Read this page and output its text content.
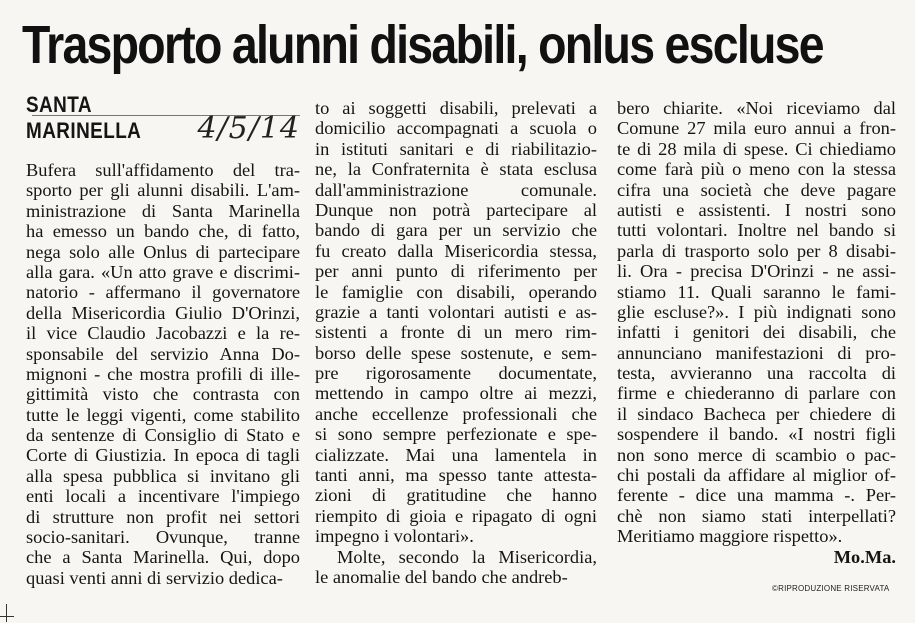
Trasporto alunni disabili, onlus escluse
SANTA MARINELLA	4/5/14
Bufera sull'affidamento del tra-
sporto per gli alunni disabili. L'am-
ministrazione di Santa Marinella
ha emesso un bando che, di fatto,
nega solo alle Onlus di partecipare
alla gara. «Un atto grave e discrimi-
natorio - affermano il governatore
della Misericordia Giulio D'Orinzi,
il vice Claudio Jacobazzi e la re-
sponsabile del servizio Anna Do-
mignoni - che mostra profili di ille-
gittimità visto che contrasta con
tutte le leggi vigenti, come stabilito
da sentenze di Consiglio di Stato e
Corte di Giustizia. In epoca di tagli
alla spesa pubblica si invitano gli
enti locali a incentivare l'impiego
di strutture non profit nei settori
socio-sanitari. Ovunque, tranne
che a Santa Marinella. Qui, dopo
quasi venti anni di servizio dedica-
to ai soggetti disabili, prelevati a
domicilio accompagnati a scuola o
in istituti sanitari e di riabilitazio-
ne, la Confraternita è stata esclusa
dall'amministrazione comunale.
Dunque non potrà partecipare al
bando di gara per un servizio che
fu creato dalla Misericordia stessa,
per anni punto di riferimento per
le famiglie con disabili, operando
grazie a tanti volontari autisti e as-
sistenti a fronte di un mero rim-
borso delle spese sostenute, e sem-
pre rigorosamente documentate,
mettendo in campo oltre ai mezzi,
anche eccellenze professionali che
si sono sempre perfezionate e spe-
cializzate. Mai una lamentela in
tanti anni, ma spesso tante attesta-
zioni di gratitudine che hanno
riempito di gioia e ripagato di ogni
impegno i volontari».
Molte, secondo la Misericordia,
le anomalie del bando che andreb-
bero chiarite. «Noi riceviamo dal
Comune 27 mila euro annui a fron-
te di 28 mila di spese. Ci chiediamo
come farà più o meno con la stessa
cifra una società che deve pagare
autisti e assistenti. I nostri sono
tutti volontari. Inoltre nel bando si
parla di trasporto solo per 8 disabi-
li. Ora - precisa D'Orinzi - ne assi-
stiamo 11. Quali saranno le fami-
glie escluse?». I più indignati sono
infatti i genitori dei disabili, che
annunciano manifestazioni di pro-
testa, avvieranno una raccolta di
firme e chiederanno di parlare con
il sindaco Bacheca per chiedere di
sospendere il bando. «I nostri figli
non sono merce di scambio o pac-
chi postali da affidare al miglior of-
ferente - dice una mamma -. Per-
chè non siamo stati interpellati?
Meritiamo maggiore rispetto».
Mo.Ma.
©RIPRODUZIONE RISERVATA
